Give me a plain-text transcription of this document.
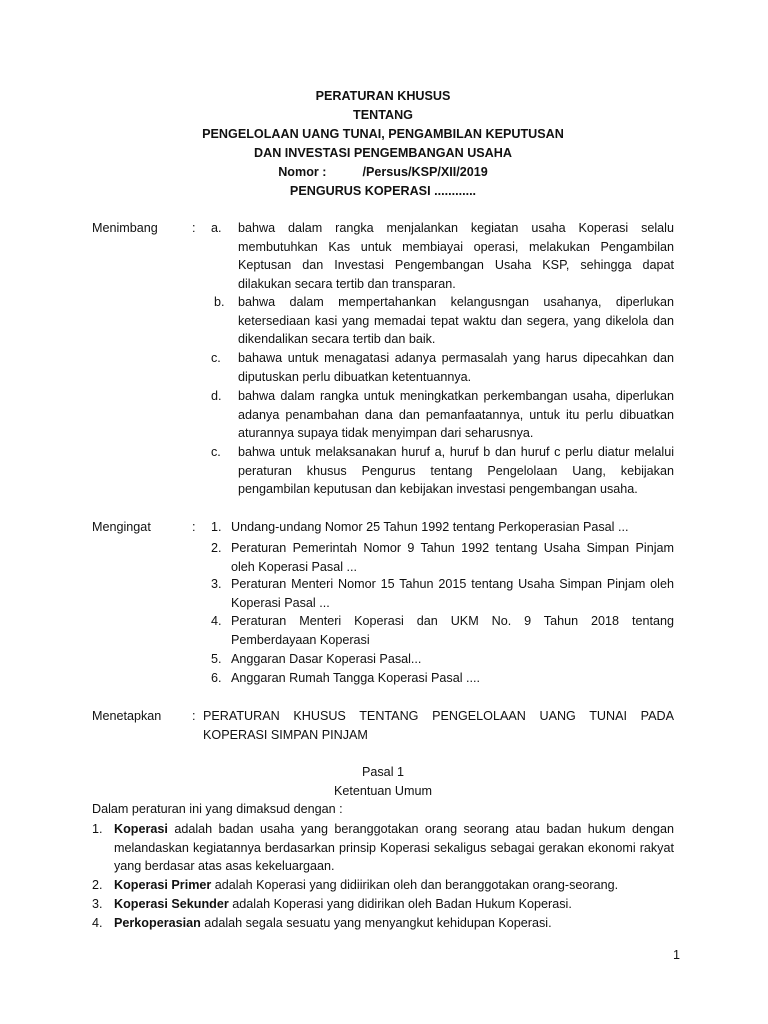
PERATURAN KHUSUS
TENTANG
PENGELOLAAN UANG TUNAI, PENGAMBILAN KEPUTUSAN
DAN INVESTASI PENGEMBANGAN USAHA
Nomor :	/Persus/KSP/XII/2019
PENGURUS KOPERASI ............
Menimbang	: a. bahwa dalam rangka menjalankan kegiatan usaha Koperasi selalu membutuhkan Kas untuk membiayai operasi, melakukan Pengambilan Keptusan dan Investasi Pengembangan Usaha KSP, sehingga dapat dilakukan secara tertib dan transparan.
b. bahwa dalam mempertahankan kelangusngan usahanya, diperlukan ketersediaan kasi yang memadai tepat waktu dan segera, yang dikelola dan dikendalikan secara tertib dan baik.
c. bahawa untuk menagatasi adanya permasalah yang harus dipecahkan dan diputuskan perlu dibuatkan ketentuannya.
d. bahwa dalam rangka untuk meningkatkan perkembangan usaha, diperlukan adanya penambahan dana dan pemanfaatannya, untuk itu perlu dibuatkan aturannya supaya tidak menyimpan dari seharusnya.
c. bahwa untuk melaksanakan huruf a, huruf b dan huruf c perlu diatur melalui peraturan khusus Pengurus tentang Pengelolaan Uang, kebijakan pengambilan keputusan dan kebijakan investasi pengembangan usaha.
Mengingat	: 1. Undang-undang Nomor 25 Tahun 1992 tentang Perkoperasian Pasal ...
2. Peraturan Pemerintah Nomor 9 Tahun 1992 tentang Usaha Simpan Pinjam oleh Koperasi Pasal ...
3. Peraturan Menteri Nomor 15 Tahun 2015 tentang Usaha Simpan Pinjam oleh Koperasi Pasal ...
4. Peraturan Menteri Koperasi dan UKM No. 9 Tahun 2018 tentang Pemberdayaan Koperasi
5. Anggaran Dasar Koperasi Pasal...
6. Anggaran Rumah Tangga Koperasi Pasal ....
Menetapkan : PERATURAN KHUSUS TENTANG PENGELOLAAN UANG TUNAI PADA KOPERASI SIMPAN PINJAM
Pasal 1
Ketentuan Umum
Dalam peraturan ini yang dimaksud dengan :
1. Koperasi adalah badan usaha yang beranggotakan orang seorang atau badan hukum dengan melandaskan kegiatannya berdasarkan prinsip Koperasi sekaligus sebagai gerakan ekonomi rakyat yang berdasar atas asas kekeluargaan.
2. Koperasi Primer adalah Koperasi yang didiirikan oleh dan beranggotakan orang-seorang.
3. Koperasi Sekunder adalah Koperasi yang didirikan oleh Badan Hukum Koperasi.
4. Perkoperasian adalah segala sesuatu yang menyangkut kehidupan Koperasi.
1
